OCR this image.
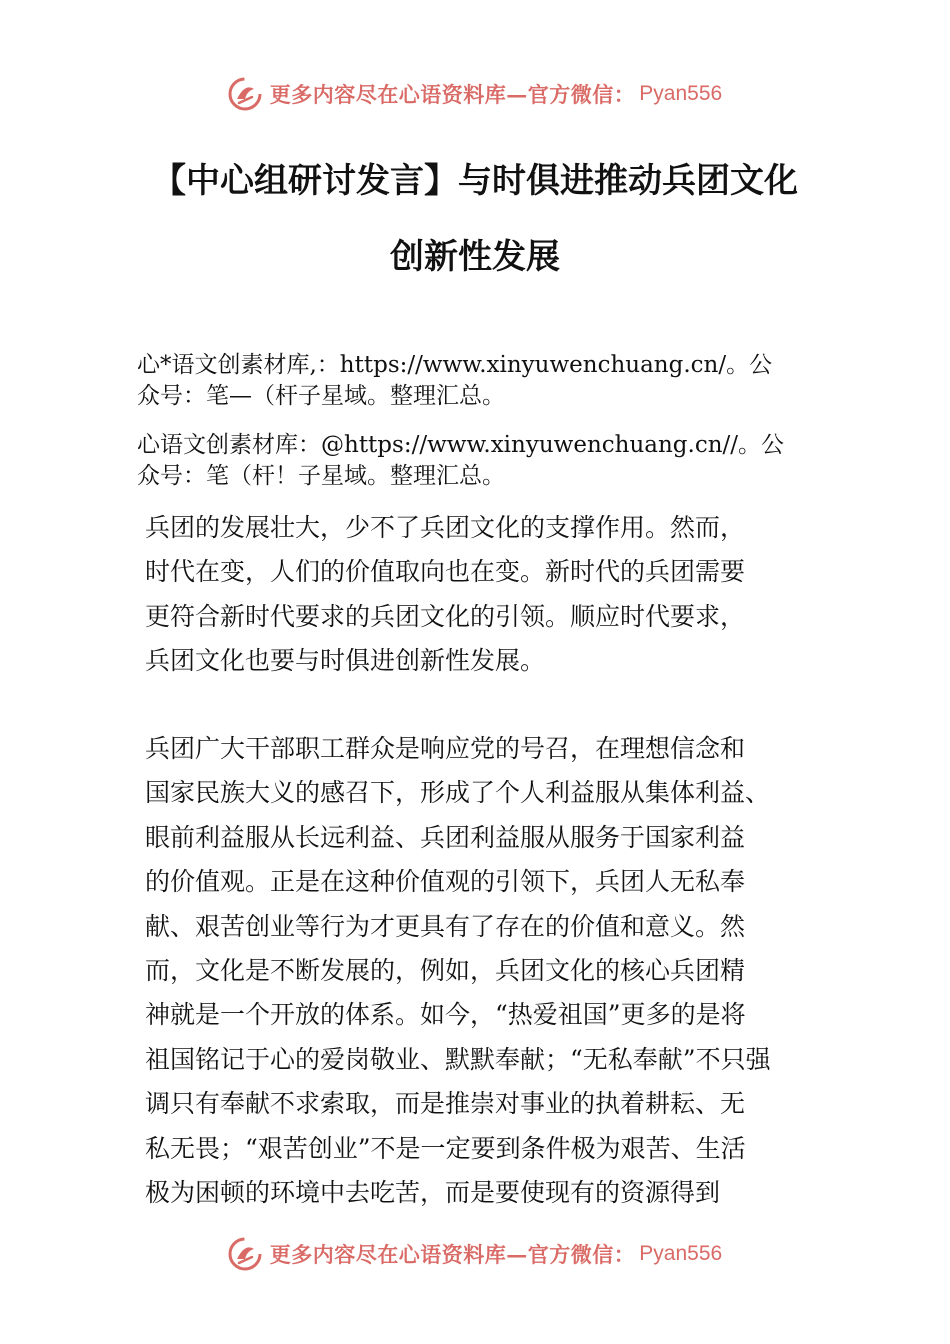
更多内容尽在心语资料库—官方微信： Pyan556
【中心组研讨发言】与时俱进推动兵团文化
创新性发展
心*语文创素材库,：https://www.xinyuwenchuang.cn/。公
众号：笔—（杆子星域。整理汇总。
心语文创素材库：@https://www.xinyuwenchuang.cn//。公
众号：笔（杆！子星域。整理汇总。
兵团的发展壮大，少不了兵团文化的支撑作用。然而，
时代在变，人们的价值取向也在变。新时代的兵团需要
更符合新时代要求的兵团文化的引领。顺应时代要求，
兵团文化也要与时俱进创新性发展。
兵团广大干部职工群众是响应党的号召，在理想信念和
国家民族大义的感召下，形成了个人利益服从集体利益、
眼前利益服从长远利益、兵团利益服从服务于国家利益
的价值观。正是在这种价值观的引领下，兵团人无私奉
献、艰苦创业等行为才更具有了存在的价值和意义。然
而，文化是不断发展的，例如，兵团文化的核心兵团精
神就是一个开放的体系。如今，“热爱祖国”更多的是将
祖国铭记于心的爱岗敬业、默默奉献；“无私奉献”不只强
调只有奉献不求索取，而是推崇对事业的执着耕耘、无
私无畏；“艰苦创业”不是一定要到条件极为艰苦、生活
极为困顿的环境中去吃苦，而是要使现有的资源得到
更多内容尽在心语资料库—官方微信： Pyan556
